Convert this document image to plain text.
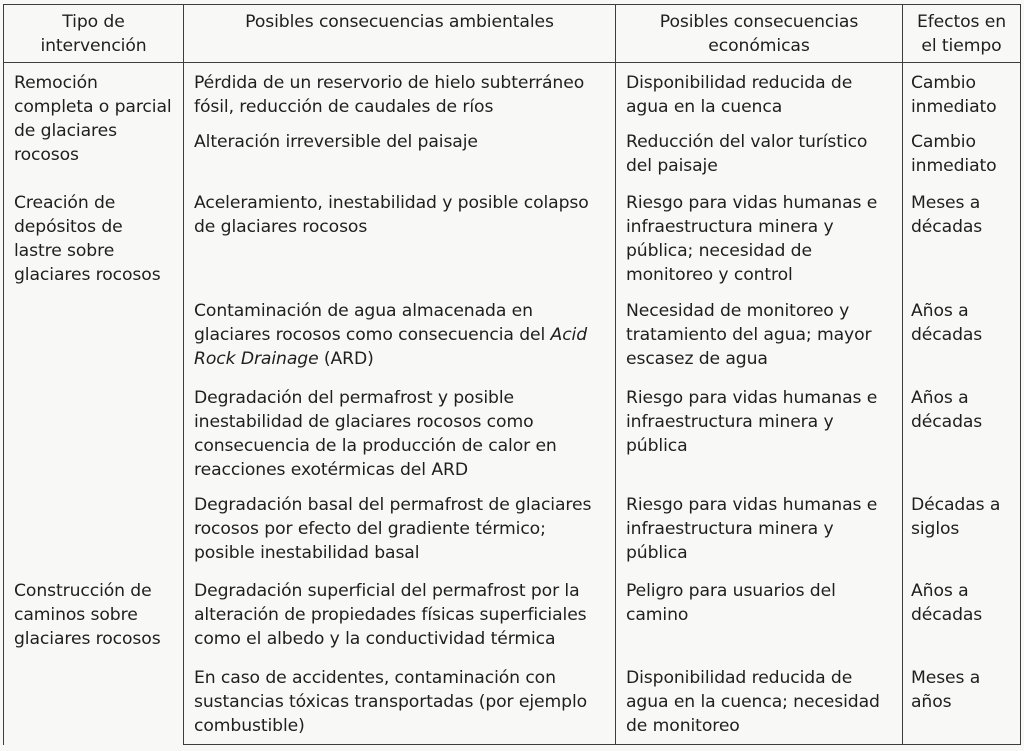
Tipo de intervención	Posibles consecuencias ambientales	Posibles consecuencias económicas	Efectos en el tiempo
Remoción completa o parcial de glaciares rocosos	Pérdida de un reservorio de hielo subterráneo fósil, reducción de caudales de ríos	Disponibilidad reducida de agua en la cuenca	Cambio inmediato
	Alteración irreversible del paisaje	Reducción del valor turístico del paisaje	Cambio inmediato
Creación de depósitos de lastre sobre glaciares rocosos	Aceleramiento, inestabilidad y posible colapso de glaciares rocosos	Riesgo para vidas humanas e infraestructura minera y pública; necesidad de monitoreo y control	Meses a décadas
	Contaminación de agua almacenada en glaciares rocosos como consecuencia del Acid Rock Drainage (ARD)	Necesidad de monitoreo y tratamiento del agua; mayor escasez de agua	Años a décadas
	Degradación del permafrost y posible inestabilidad de glaciares rocosos como consecuencia de la producción de calor en reacciones exotérmicas del ARD	Riesgo para vidas humanas e infraestructura minera y pública	Años a décadas
	Degradación basal del permafrost de glaciares rocosos por efecto del gradiente térmico; posible inestabilidad basal	Riesgo para vidas humanas e infraestructura minera y pública	Décadas a siglos
Construcción de caminos sobre glaciares rocosos	Degradación superficial del permafrost por la alteración de propiedades físicas superficiales como el albedo y la conductividad térmica	Peligro para usuarios del camino	Años a décadas
	En caso de accidentes, contaminación con sustancias tóxicas transportadas (por ejemplo combustible)	Disponibilidad reducida de agua en la cuenca; necesidad de monitoreo	Meses a años
